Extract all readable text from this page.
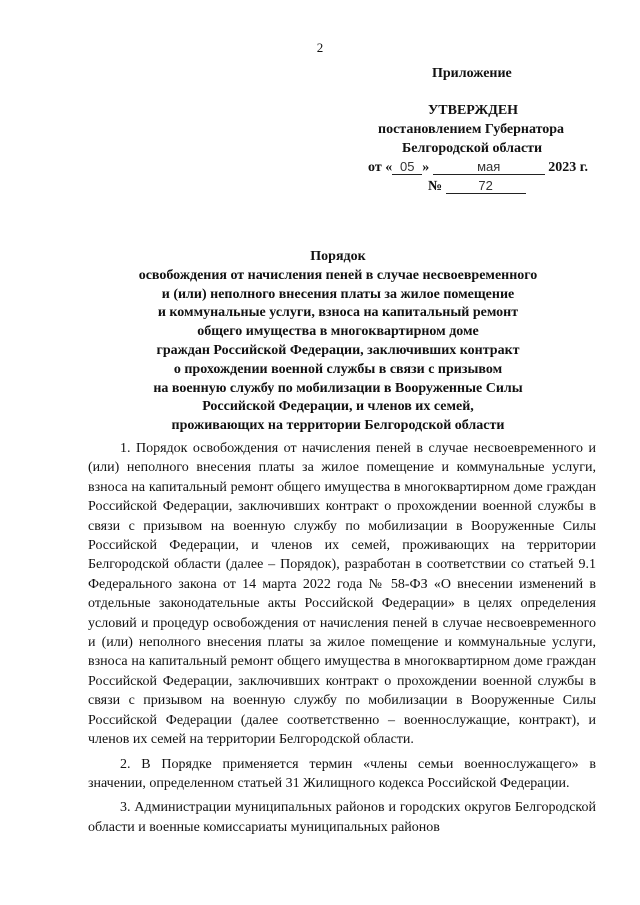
2
Приложение
УТВЕРЖДЕН
постановлением Губернатора
Белгородской области
от « 05 »	мая	2023 г.
№	72
Порядок
освобождения от начисления пеней в случае несвоевременного
и (или) неполного внесения платы за жилое помещение
и коммунальные услуги, взноса на капитальный ремонт
общего имущества в многоквартирном доме
граждан Российской Федерации, заключивших контракт
о прохождении военной службы в связи с призывом
на военную службу по мобилизации в Вооруженные Силы
Российской Федерации, и членов их семей,
проживающих на территории Белгородской области

1. Порядок освобождения от начисления пеней в случае несвоевременного и (или) неполного внесения платы за жилое помещение и коммунальные услуги, взноса на капитальный ремонт общего имущества в многоквартирном доме граждан Российской Федерации, заключивших контракт о прохождении военной службы в связи с призывом на военную службу по мобилизации в Вооруженные Силы Российской Федерации, и членов их семей, проживающих на территории Белгородской области (далее – Порядок), разработан в соответствии со статьей 9.1 Федерального закона от 14 марта 2022 года № 58-ФЗ «О внесении изменений в отдельные законодательные акты Российской Федерации» в целях определения условий и процедур освобождения от начисления пеней в случае несвоевременного и (или) неполного внесения платы за жилое помещение и коммунальные услуги, взноса на капитальный ремонт общего имущества в многоквартирном доме граждан Российской Федерации, заключивших контракт о прохождении военной службы в связи с призывом на военную службу по мобилизации в Вооруженные Силы Российской Федерации (далее соответственно – военнослужащие, контракт), и членов их семей на территории Белгородской области.

2. В Порядке применяется термин «члены семьи военнослужащего» в значении, определенном статьей 31 Жилищного кодекса Российской Федерации.

3. Администрации муниципальных районов и городских округов Белгородской области и военные комиссариаты муниципальных районов
